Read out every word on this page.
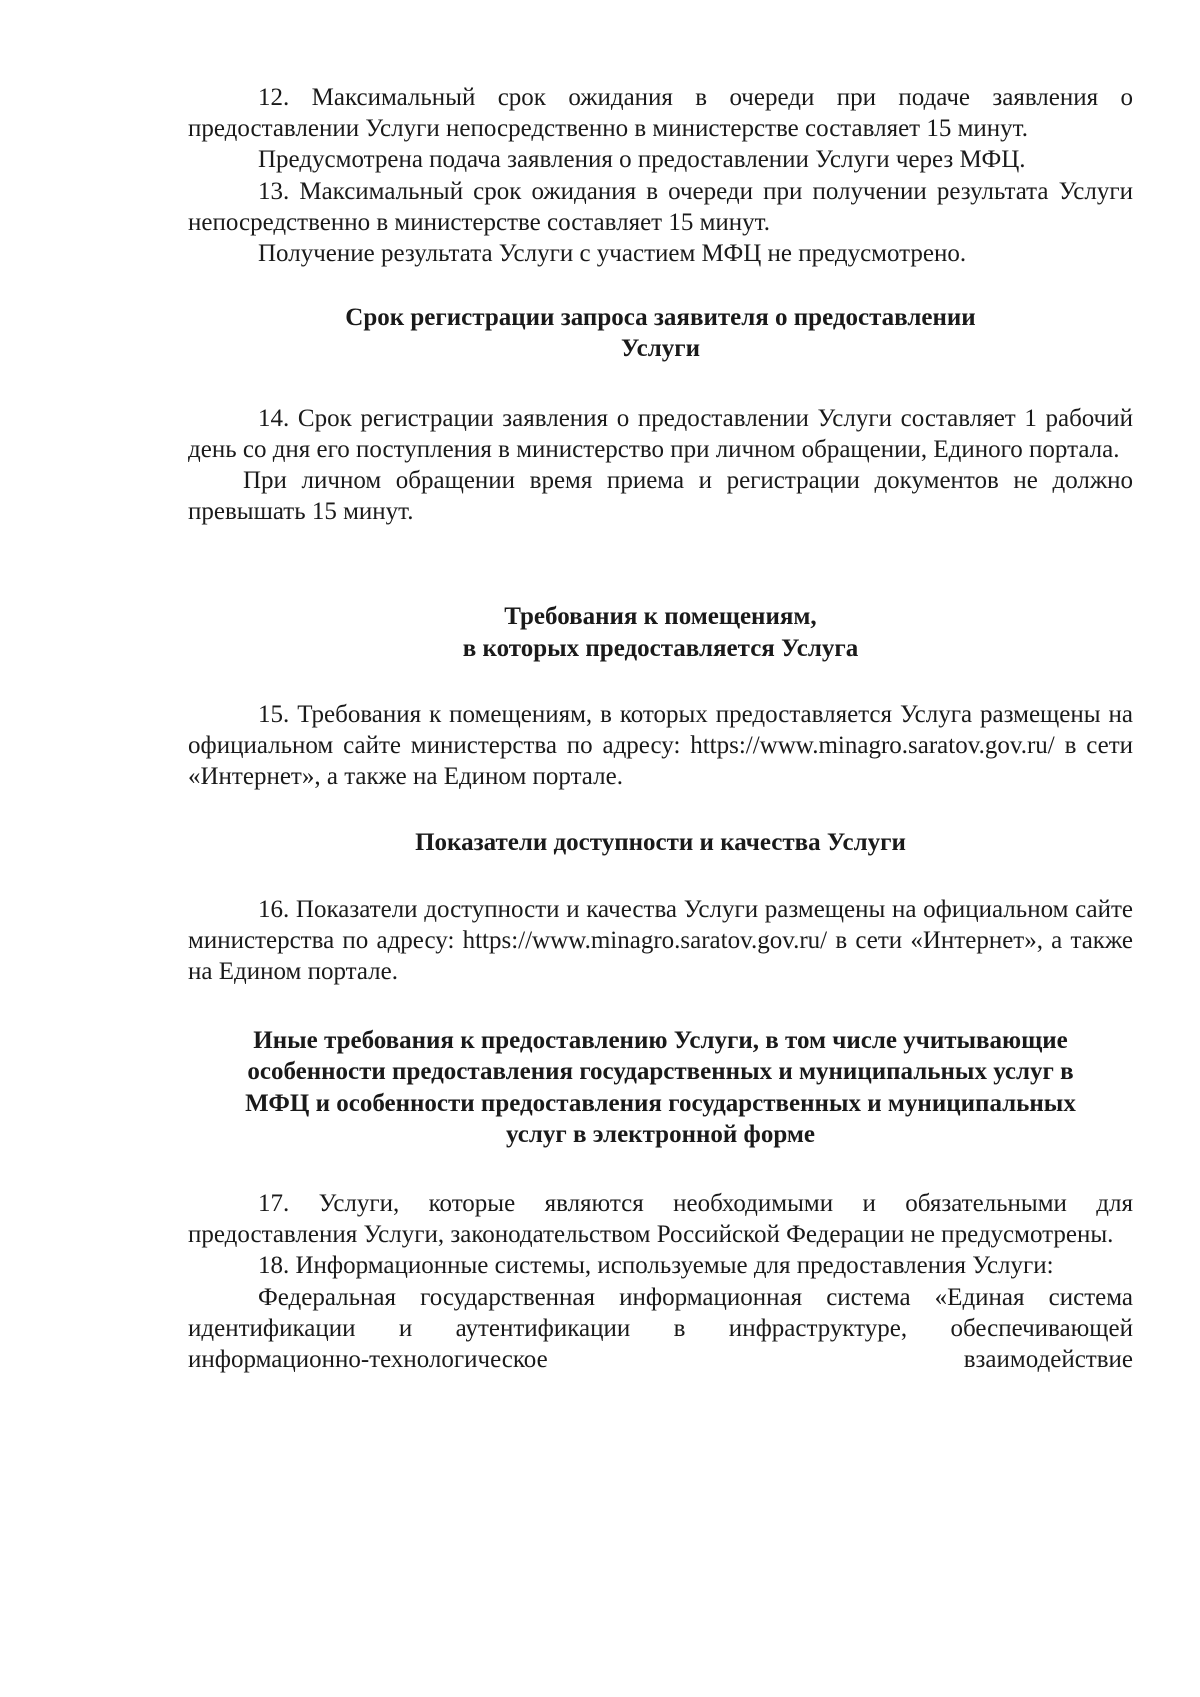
12. Максимальный срок ожидания в очереди при подаче заявления о предоставлении Услуги непосредственно в министерстве составляет 15 минут.

Предусмотрена подача заявления о предоставлении Услуги через МФЦ.

13. Максимальный срок ожидания в очереди при получении результата Услуги непосредственно в министерстве составляет 15 минут.

Получение результата Услуги с участием МФЦ не предусмотрено.

Срок регистрации запроса заявителя о предоставлении
Услуги

14. Срок регистрации заявления о предоставлении Услуги составляет 1 рабочий день со дня его поступления в министерство при личном обращении, Единого портала.

При личном обращении время приема и регистрации документов не должно превышать 15 минут.

Требования к помещениям,
в которых предоставляется Услуга

15. Требования к помещениям, в которых предоставляется Услуга размещены на официальном сайте министерства по адресу: https://www.minagro.saratov.gov.ru/ в сети «Интернет», а также на Едином портале.

Показатели доступности и качества Услуги

16. Показатели доступности и качества Услуги размещены на официальном сайте министерства по адресу: https://www.minagro.saratov.gov.ru/ в сети «Интернет», а также на Едином портале.

Иные требования к предоставлению Услуги, в том числе учитывающие
особенности предоставления государственных и муниципальных услуг в
МФЦ и особенности предоставления государственных и муниципальных
услуг в электронной форме

17. Услуги, которые являются необходимыми и обязательными для предоставления Услуги, законодательством Российской Федерации не предусмотрены.

18. Информационные системы, используемые для предоставления Услуги:

Федеральная государственная информационная система «Единая система идентификации и аутентификации в инфраструктуре, обеспечивающей информационно-технологическое взаимодействие
